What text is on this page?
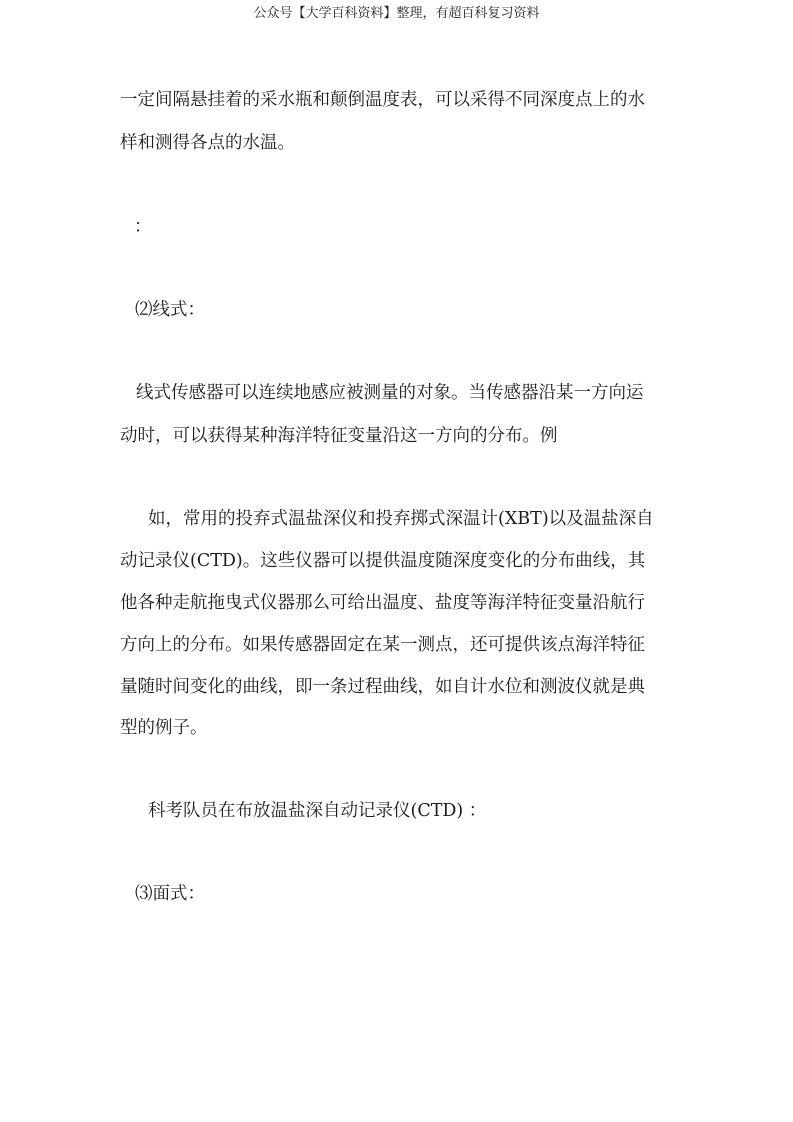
公众号【大学百科资料】整理，有超百科复习资料
一定间隔悬挂着的采水瓶和颠倒温度表，可以采得不同深度点上的水
样和测得各点的水温。
：
⑵线式：
线式传感器可以连续地感应被测量的对象。当传感器沿某一方向运
动时，可以获得某种海洋特征变量沿这一方向的分布。例
如，常用的投弃式温盐深仪和投弃掷式深温计(XBT)以及温盐深自
动记录仪(CTD)。这些仪器可以提供温度随深度变化的分布曲线，其
他各种走航拖曳式仪器那么可给出温度、盐度等海洋特征变量沿航行
方向上的分布。如果传感器固定在某一测点，还可提供该点海洋特征
量随时间变化的曲线，即一条过程曲线，如自计水位和测波仪就是典
型的例子。
科考队员在布放温盐深自动记录仪(CTD) ：
⑶面式：
